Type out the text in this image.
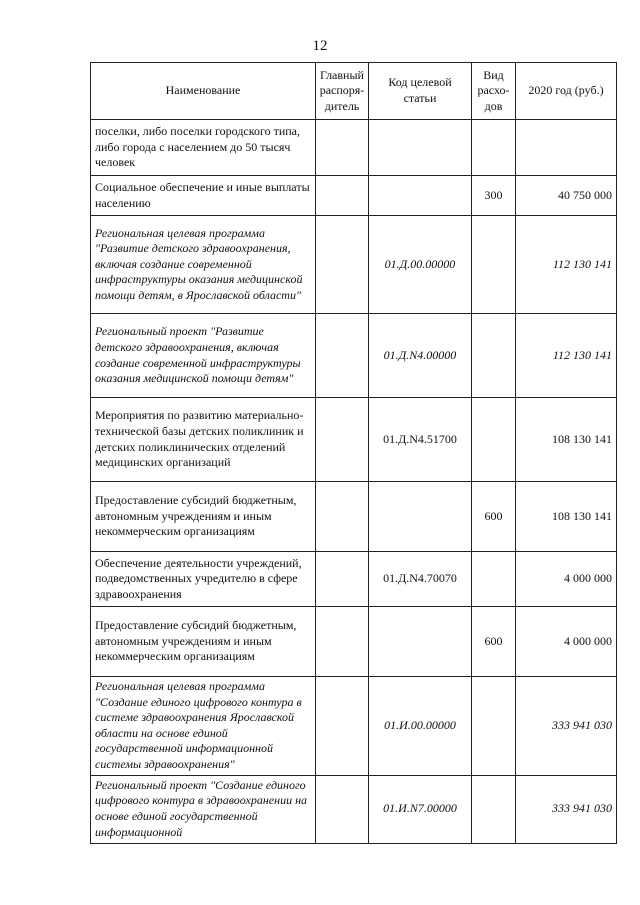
12
Наименование	Главный распоря-дитель	Код целевой статьи	Вид расхо-дов	2020 год (руб.)
поселки, либо поселки городского типа, либо города с населением до 50 тысяч человек				
Социальное обеспечение и иные выплаты населению			300	40 750 000
Региональная целевая программа "Развитие детского здравоохранения, включая создание современной инфраструктуры оказания медицинской помощи детям, в Ярославской области"		01.Д.00.00000		112 130 141
Региональный проект "Развитие детского здравоохранения, включая создание современной инфраструктуры оказания медицинской помощи детям"		01.Д.N4.00000		112 130 141
Мероприятия по развитию материально-технической базы детских поликлиник и детских поликлинических отделений медицинских организаций		01.Д.N4.51700		108 130 141
Предоставление субсидий бюджетным, автономным учреждениям и иным некоммерческим организациям			600	108 130 141
Обеспечение деятельности учреждений, подведомственных учредителю в сфере здравоохранения		01.Д.N4.70070		4 000 000
Предоставление субсидий бюджетным, автономным учреждениям и иным некоммерческим организациям			600	4 000 000
Региональная целевая программа "Создание единого цифрового контура в системе здравоохранения Ярославской области на основе единой государственной информационной системы здравоохранения"		01.И.00.00000		333 941 030
Региональный проект "Создание единого цифрового контура в здравоохранении на основе единой государственной информационной		01.И.N7.00000		333 941 030
